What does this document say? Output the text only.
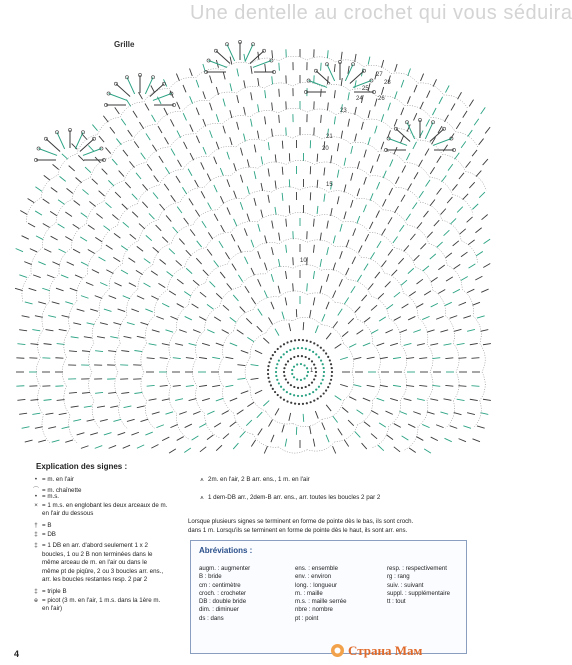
Une dentelle au crochet qui vous séduira
Grille
1
10
15
20
21
23
24
25
26
27
28
Explication des signes :
• = m. en l'air
⌒ = m. chaînette
• = m.s.
× = 1 m.s. en englobant les deux arceaux de m.
en l'air du dessous
† = B
‡ = DB
‡ = 1 DB en arr. d'abord seulement 1 x 2
boucles, 1 ou 2 B non terminées dans le
même arceau de m. en l'air ou dans le
même pt de piqûre, 2 ou 3 boucles arr. ens.,
arr. les boucles restantes resp. 2 par 2
‡ = triple B
ɵ = picot (3 m. en l'air, 1 m.s. dans la 1ère m.
en l'air)
⩚ 2m. en l'air, 2 B arr. ens., 1 m. en l'air
⩚ 1 dem-DB arr., 2dem-B arr. ens., arr. toutes les boucles 2 par 2
Lorsque plusieurs signes se terminent en forme de pointe dès le bas, ils sont croch.
dans 1 m. Lorsqu'ils se terminent en forme de pointe dès le haut, ils sont arr. ens.
Abréviations :
augm. : augmenter
B : bride
cm : centimètre
croch. : crocheter
DB : double bride
dim. : diminuer
ds : dans
ens. : ensemble
env. : environ
long. : longueur
m. : maille
m.s. : maille serrée
nbre : nombre
pt : point
resp. : respectivement
rg : rang
suiv. : suivant
suppl. : supplémentaire
tt : tout
4	Страна Мам
